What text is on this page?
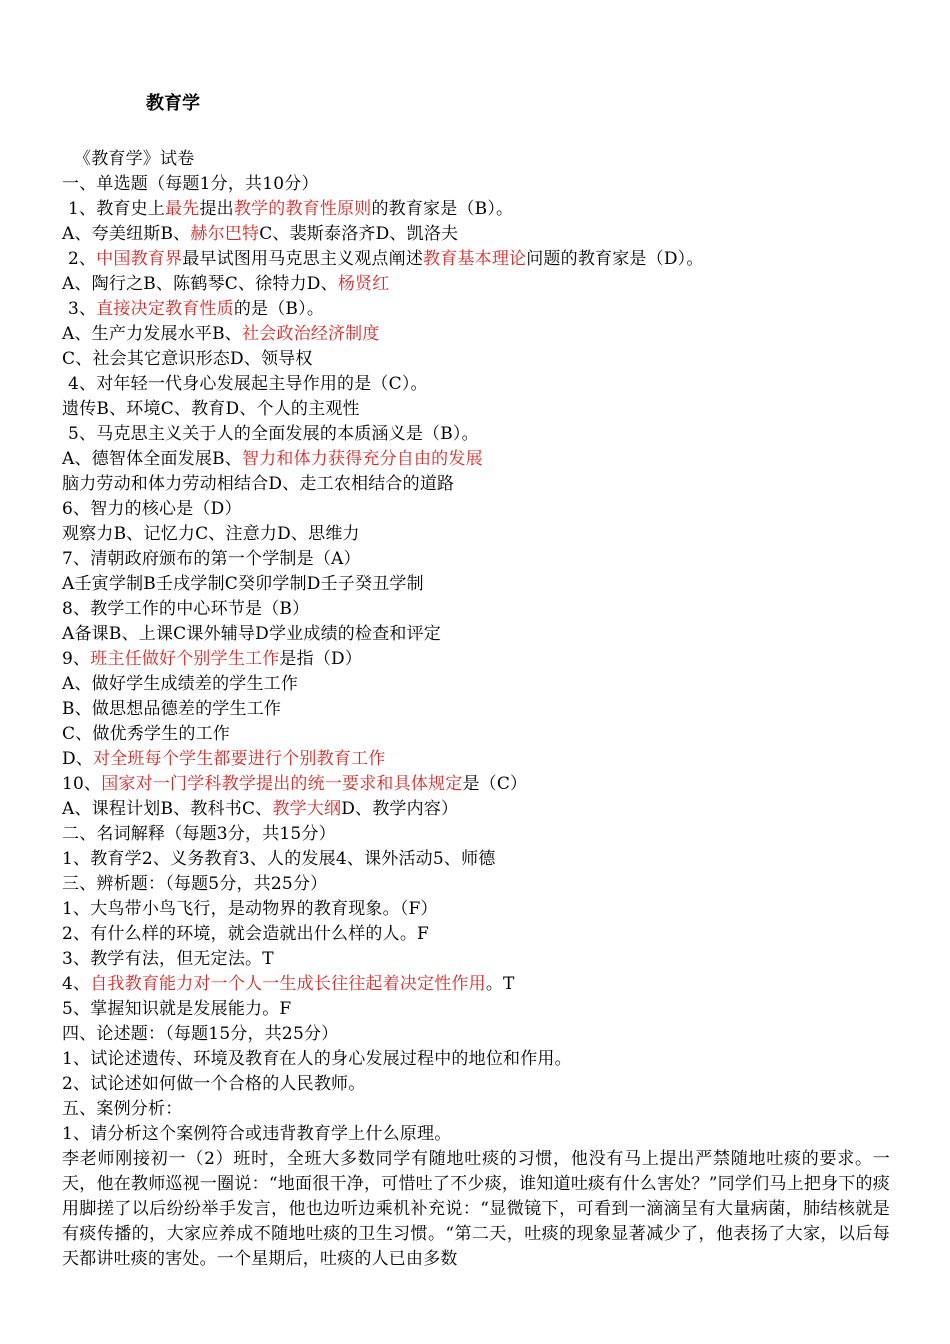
教育学
《教育学》试卷
一、单选题（每题1分，共10分）
1、教育史上最先提出教学的教育性原则的教育家是（B）。
A、夸美纽斯B、赫尔巴特C、裴斯泰洛齐D、凯洛夫
2、中国教育界最早试图用马克思主义观点阐述教育基本理论问题的教育家是（D）。
A、陶行之B、陈鹤琴C、徐特力D、杨贤红
3、直接决定教育性质的是（B）。
A、生产力发展水平B、社会政治经济制度
C、社会其它意识形态D、领导权
4、对年轻一代身心发展起主导作用的是（C）。
遗传B、环境C、教育D、个人的主观性
5、马克思主义关于人的全面发展的本质涵义是（B）。
A、德智体全面发展B、智力和体力获得充分自由的发展
脑力劳动和体力劳动相结合D、走工农相结合的道路
6、智力的核心是（D）
观察力B、记忆力C、注意力D、思维力
7、清朝政府颁布的第一个学制是（A）
A壬寅学制B壬戌学制C癸卯学制D壬子癸丑学制
8、教学工作的中心环节是（B）
A备课B、上课C课外辅导D学业成绩的检查和评定
9、班主任做好个别学生工作是指（D）
A、做好学生成绩差的学生工作
B、做思想品德差的学生工作
C、做优秀学生的工作
D、对全班每个学生都要进行个别教育工作
10、国家对一门学科教学提出的统一要求和具体规定是（C）
A、课程计划B、教科书C、教学大纲D、教学内容）
二、名词解释（每题3分，共15分）
1、教育学2、义务教育3、人的发展4、课外活动5、师德
三、辨析题：（每题5分，共25分）
1、大鸟带小鸟飞行，是动物界的教育现象。（F）
2、有什么样的环境，就会造就出什么样的人。F
3、教学有法，但无定法。T
4、自我教育能力对一个人一生成长往往起着决定性作用。T
5、掌握知识就是发展能力。F
四、论述题：（每题15分，共25分）
1、试论述遗传、环境及教育在人的身心发展过程中的地位和作用。
2、试论述如何做一个合格的人民教师。
五、案例分析：
1、请分析这个案例符合或违背教育学上什么原理。
李老师刚接初一（2）班时，全班大多数同学有随地吐痰的习惯，他没有马上提出严禁随地吐痰的要求。一天，他在教师巡视一圈说：“地面很干净，可惜吐了不少痰，谁知道吐痰有什么害处？”同学们马上把身下的痰用脚搓了以后纷纷举手发言，他也边听边乘机补充说：“显微镜下，可看到一滴滴呈有大量病菌，肺结核就是有痰传播的，大家应养成不随地吐痰的卫生习惯。“第二天，吐痰的现象显著减少了，他表扬了大家，以后每天都讲吐痰的害处。一个星期后，吐痰的人已由多数
